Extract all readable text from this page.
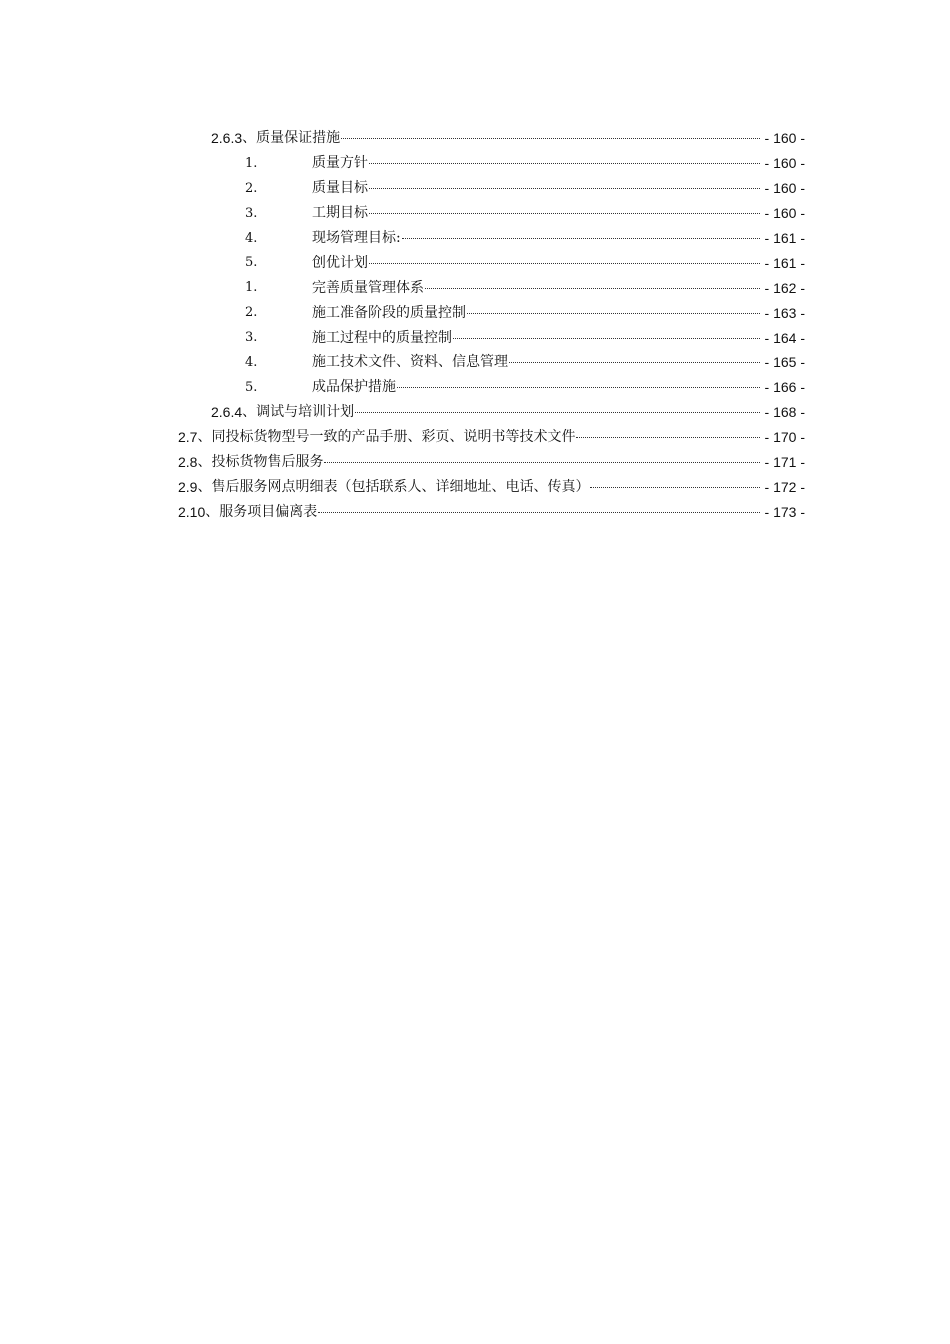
2.6.3 、质量保证措施	- 160 -
1.	质量方针	- 160 -
2.	质量目标	- 160 -
3.	工期目标	- 160 -
4.	现场管理目标:	- 161 -
5.	创优计划	- 161 -
1.	完善质量管理体系	- 162 -
2.	施工准备阶段的质量控制	- 163 -
3.	施工过程中的质量控制	- 164 -
4.	施工技术文件、资料、信息管理	- 165 -
5.	成品保护措施	- 166 -
2.6.4 、调试与培训计划	- 168 -
2.7 、同投标货物型号一致的产品手册、彩页、说明书等技术文件	- 170 -
2.8 、投标货物售后服务	- 171 -
2.9 、售后服务网点明细表（包括联系人、详细地址、电话、传真）	- 172 -
2.10 、服务项目偏离表	- 173 -
